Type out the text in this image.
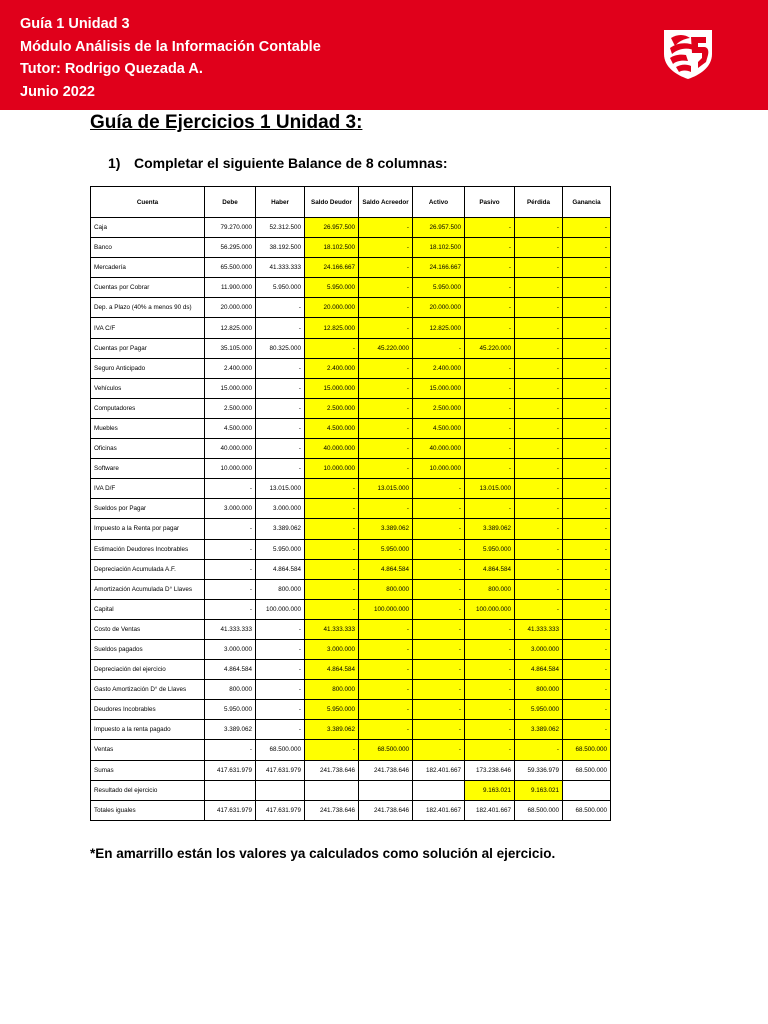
Guía 1 Unidad 3
Módulo Análisis de la Información Contable
Tutor: Rodrigo Quezada A.
Junio 2022
Guía de Ejercicios 1 Unidad 3:
1) Completar el siguiente Balance de 8 columnas:
Cuenta	Debe	Haber	Saldo Deudor	Saldo Acreedor	Activo	Pasivo	Pérdida	Ganancia
Caja	79.270.000	52.312.500	26.957.500	-	26.957.500	-	-	-
Banco	56.295.000	38.192.500	18.102.500	-	18.102.500	-	-	-
Mercadería	65.500.000	41.333.333	24.166.667	-	24.166.667	-	-	-
Cuentas por Cobrar	11.900.000	5.950.000	5.950.000	-	5.950.000	-	-	-
Dep. a Plazo (40% a menos 90 ds)	20.000.000	-	20.000.000	-	20.000.000	-	-	-
IVA C/F	12.825.000	-	12.825.000	-	12.825.000	-	-	-
Cuentas por Pagar	35.105.000	80.325.000	-	45.220.000	-	45.220.000	-	-
Seguro Anticipado	2.400.000	-	2.400.000	-	2.400.000	-	-	-
Vehículos	15.000.000	-	15.000.000	-	15.000.000	-	-	-
Computadores	2.500.000	-	2.500.000	-	2.500.000	-	-	-
Muebles	4.500.000	-	4.500.000	-	4.500.000	-	-	-
Oficinas	40.000.000	-	40.000.000	-	40.000.000	-	-	-
Software	10.000.000	-	10.000.000	-	10.000.000	-	-	-
IVA D/F	-	13.015.000	-	13.015.000	-	13.015.000	-	-
Sueldos por Pagar	3.000.000	3.000.000	-	-	-	-	-	-
Impuesto a la Renta por pagar	-	3.389.062	-	3.389.062	-	3.389.062	-	-
Estimación Deudores Incobrables	-	5.950.000	-	5.950.000	-	5.950.000	-	-
Depreciación Acumulada A.F.	-	4.864.584	-	4.864.584	-	4.864.584	-	-
Amortización Acumulada D° Llaves	-	800.000	-	800.000	-	800.000	-	-
Capital	-	100.000.000	-	100.000.000	-	100.000.000	-	-
Costo de Ventas	41.333.333	-	41.333.333	-	-	-	41.333.333	-
Sueldos pagados	3.000.000	-	3.000.000	-	-	-	3.000.000	-
Depreciación del ejercicio	4.864.584	-	4.864.584	-	-	-	4.864.584	-
Gasto Amortización D° de Llaves	800.000	-	800.000	-	-	-	800.000	-
Deudores Incobrables	5.950.000	-	5.950.000	-	-	-	5.950.000	-
Impuesto a la renta pagado	3.389.062	-	3.389.062	-	-	-	3.389.062	-
Ventas	-	68.500.000	-	68.500.000	-	-	-	68.500.000
Sumas	417.631.979	417.631.979	241.738.646	241.738.646	182.401.667	173.238.646	59.336.979	68.500.000
Resultado del ejercicio						9.163.021	9.163.021	
Totales iguales	417.631.979	417.631.979	241.738.646	241.738.646	182.401.667	182.401.667	68.500.000	68.500.000
*En amarrillo están los valores ya calculados como solución al ejercicio.
